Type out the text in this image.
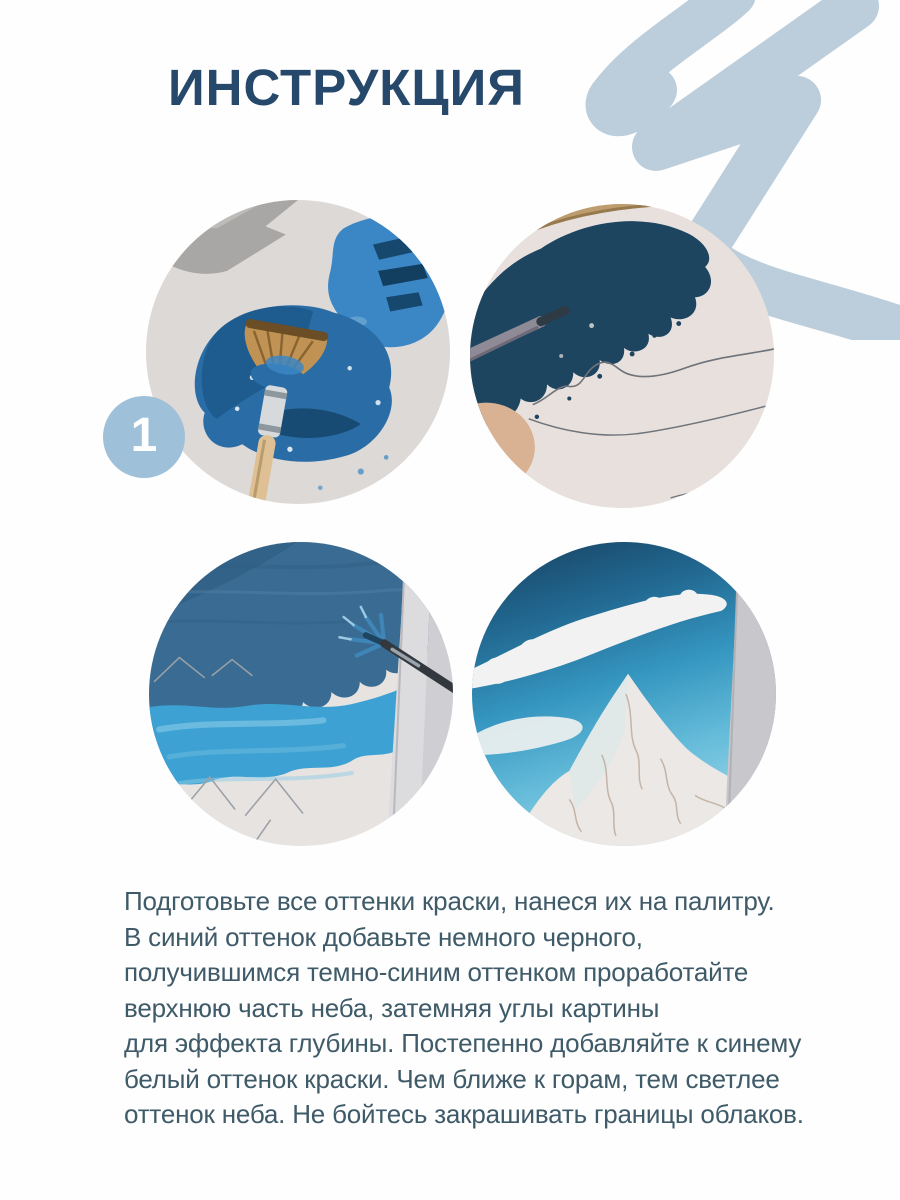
ИНСТРУКЦИЯ
1
Подготовьте все оттенки краски, нанеся их на палитру.
В синий оттенок добавьте немного черного,
получившимся темно-синим оттенком проработайте
верхнюю часть неба, затемняя углы картины
для эффекта глубины. Постепенно добавляйте к синему
белый оттенок краски. Чем ближе к горам, тем светлее
оттенок неба. Не бойтесь закрашивать границы облаков.
